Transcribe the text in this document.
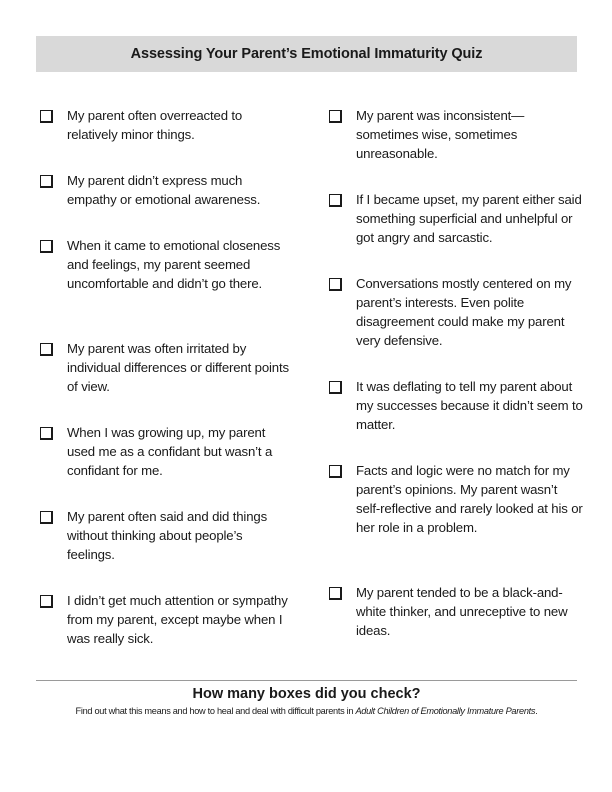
Assessing Your Parent’s Emotional Immaturity Quiz
My parent often overreacted to relatively minor things.
My parent didn’t express much empathy or emotional awareness.
When it came to emotional closeness and feelings, my parent seemed uncomfortable and didn’t go there.
My parent was often irritated by individual differences or different points of view.
When I was growing up, my parent used me as a confidant but wasn’t a confidant for me.
My parent often said and did things without thinking about people’s feelings.
I didn’t get much attention or sympathy from my parent, except maybe when I was really sick.
My parent was inconsistent— sometimes wise, sometimes unreasonable.
If I became upset, my parent either said something superficial and unhelpful or got angry and sarcastic.
Conversations mostly centered on my parent’s interests. Even polite disagreement could make my parent very defensive.
It was deflating to tell my parent about my successes because it didn’t seem to matter.
Facts and logic were no match for my parent’s opinions. My parent wasn’t self-reflective and rarely looked at his or her role in a problem.
My parent tended to be a black-and-white thinker, and unreceptive to new ideas.
How many boxes did you check?
Find out what this means and how to heal and deal with difficult parents in Adult Children of Emotionally Immature Parents.
